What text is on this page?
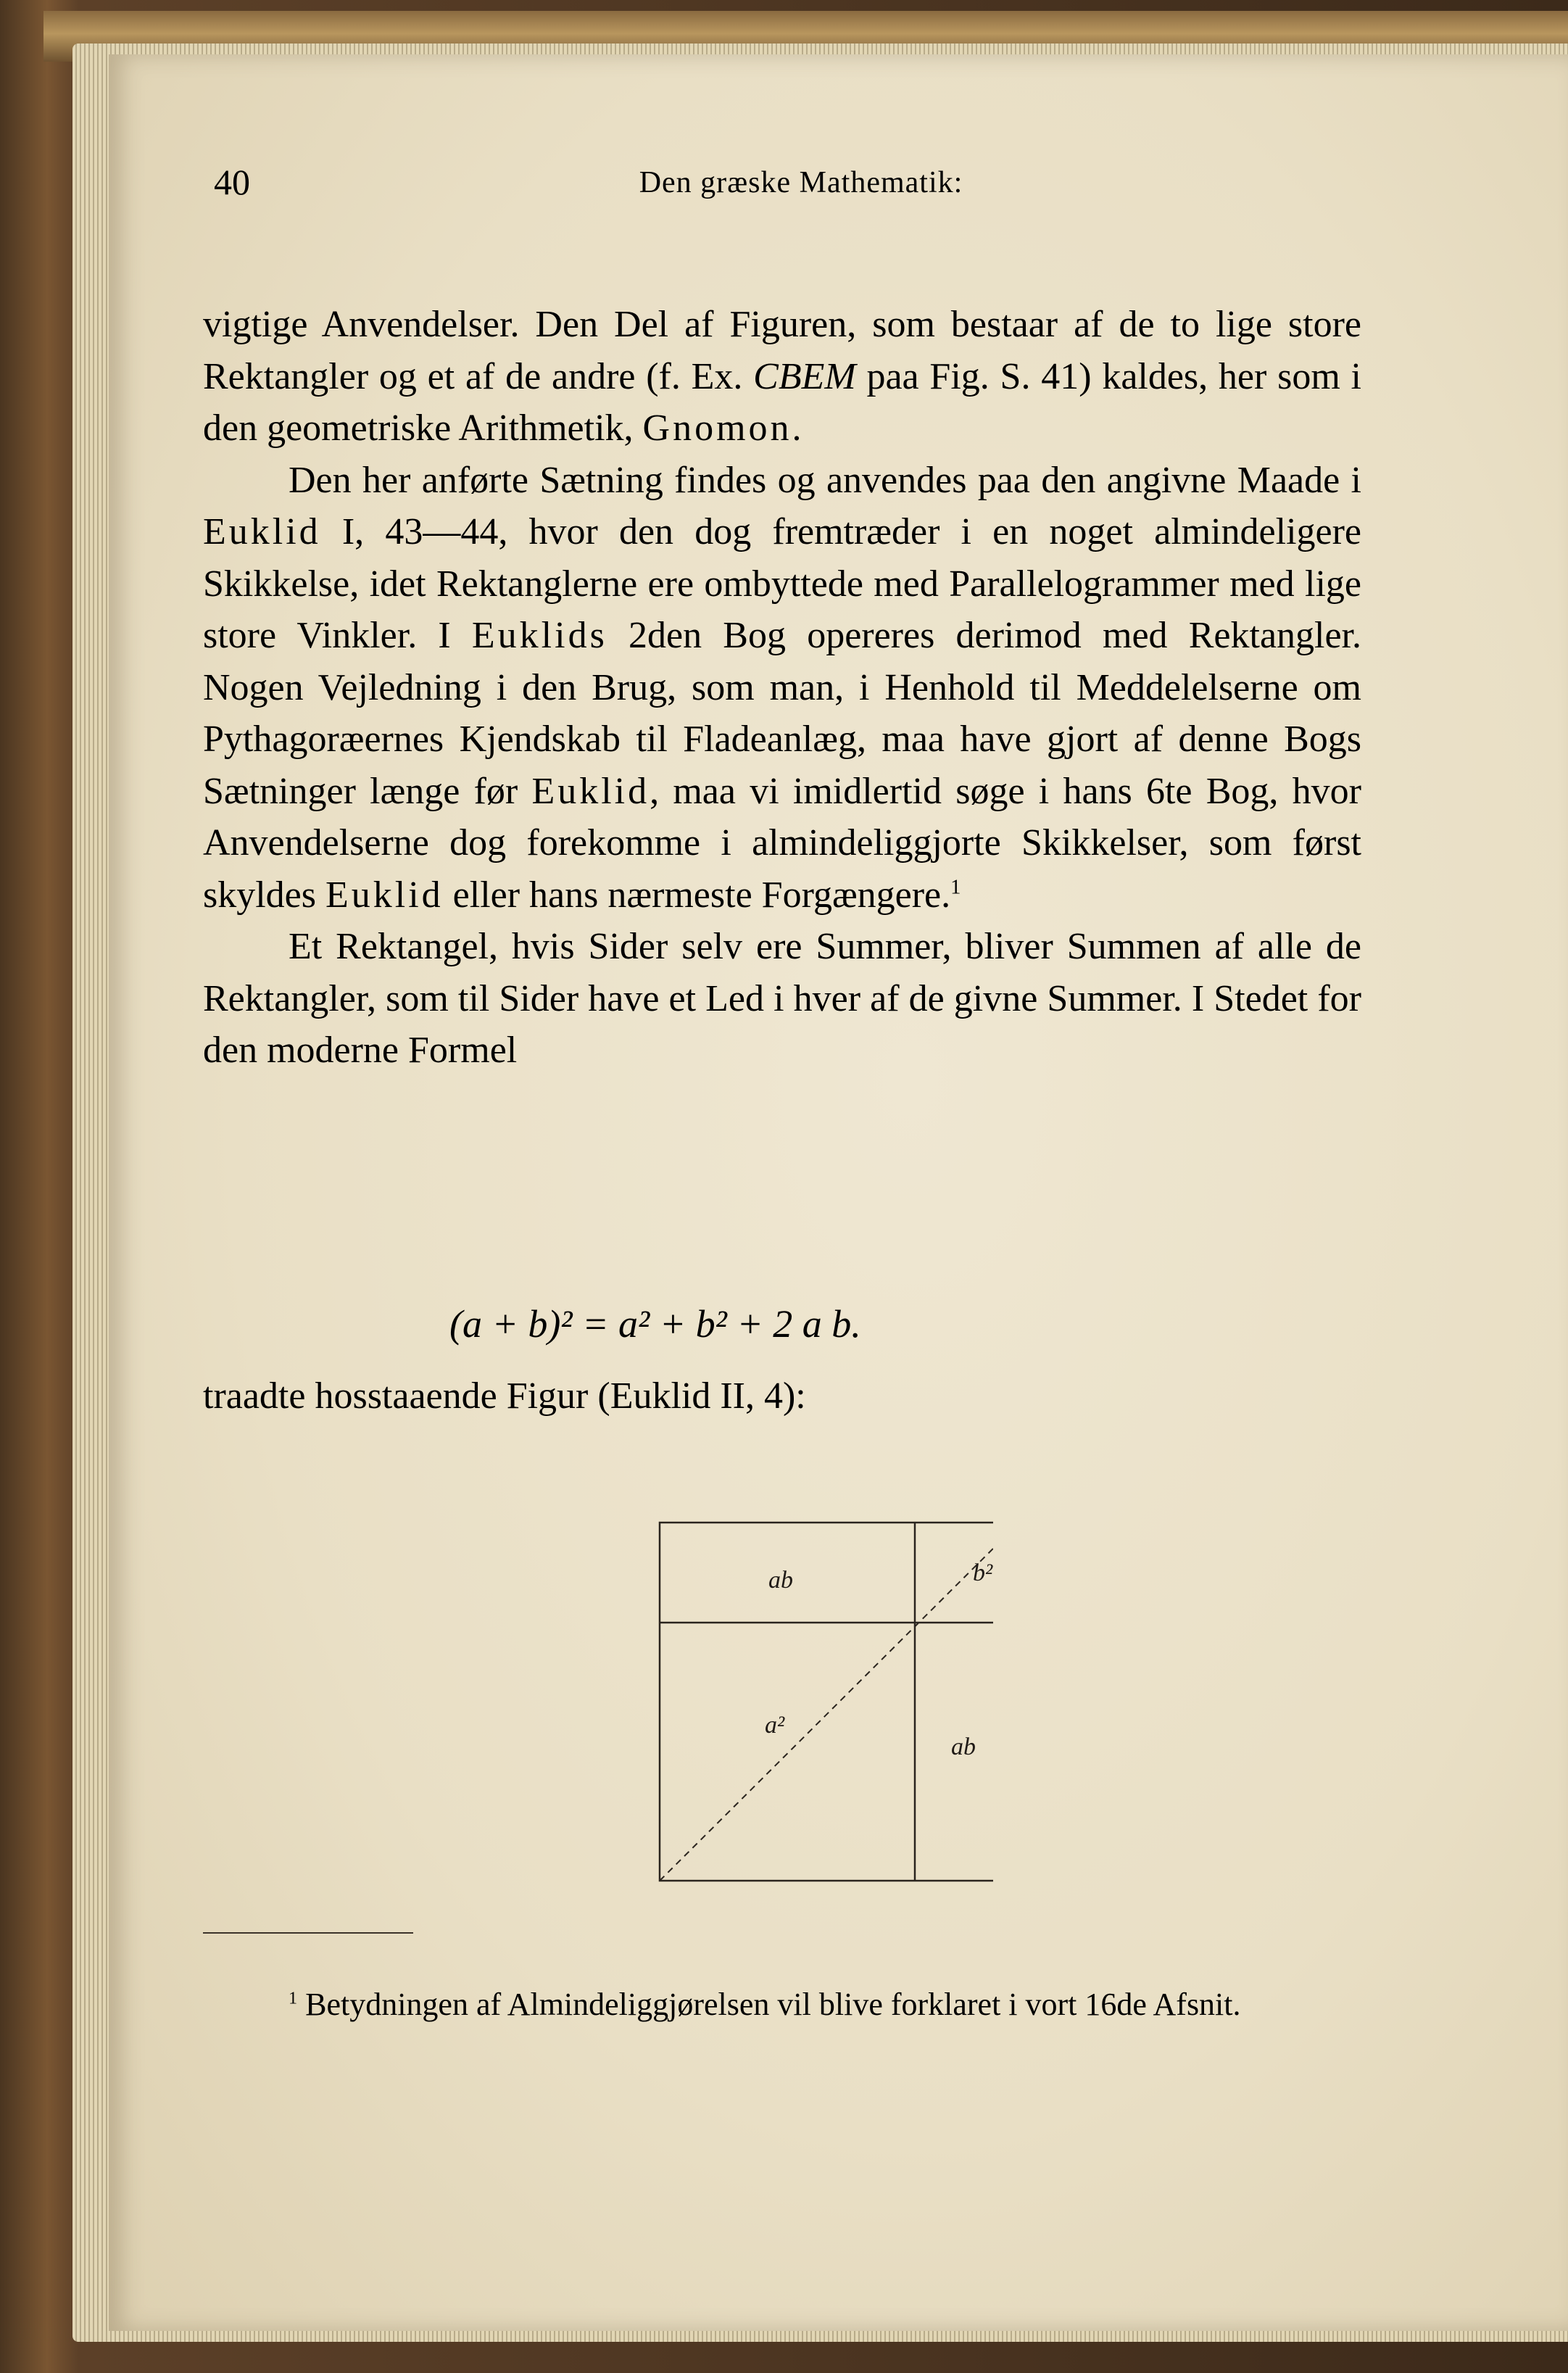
40	Den græske Mathematik:

vigtige Anvendelser. Den Del af Figuren, som bestaar af de to lige store Rektangler og et af de andre (f. Ex. CBEM paa Fig. S. 41) kaldes, her som i den geometriske Arithmetik, Gnomon.

Den her anførte Sætning findes og anvendes paa den angivne Maade i Euklid I, 43—44, hvor den dog fremtræder i en noget almindeligere Skikkelse, idet Rektanglerne ere ombyttede med Parallelogrammer med lige store Vinkler. I Euklids 2den Bog opereres derimod med Rektangler. Nogen Vejledning i den Brug, som man, i Henhold til Meddelelserne om Pythagoræernes Kjendskab til Fladeanlæg, maa have gjort af denne Bogs Sætninger længe før Euklid, maa vi imidlertid søge i hans 6te Bog, hvor Anvendelserne dog forekomme i almindeliggjorte Skikkelser, som først skyldes Euklid eller hans nærmeste Forgængere.$^1$

Et Rektangel, hvis Sider selv ere Summer, bliver Summen af alle de Rektangler, som til Sider have et Led i hver af de givne Summer. I Stedet for den moderne Formel

(a + b)² = a² + b² + 2 a b.
traadte hosstaaende Figur (Euklid II, 4):
ab	b²
a²
ab
$^1$ Betydningen af Almindeliggjørelsen vil blive forklaret i vort 16de Afsnit.
